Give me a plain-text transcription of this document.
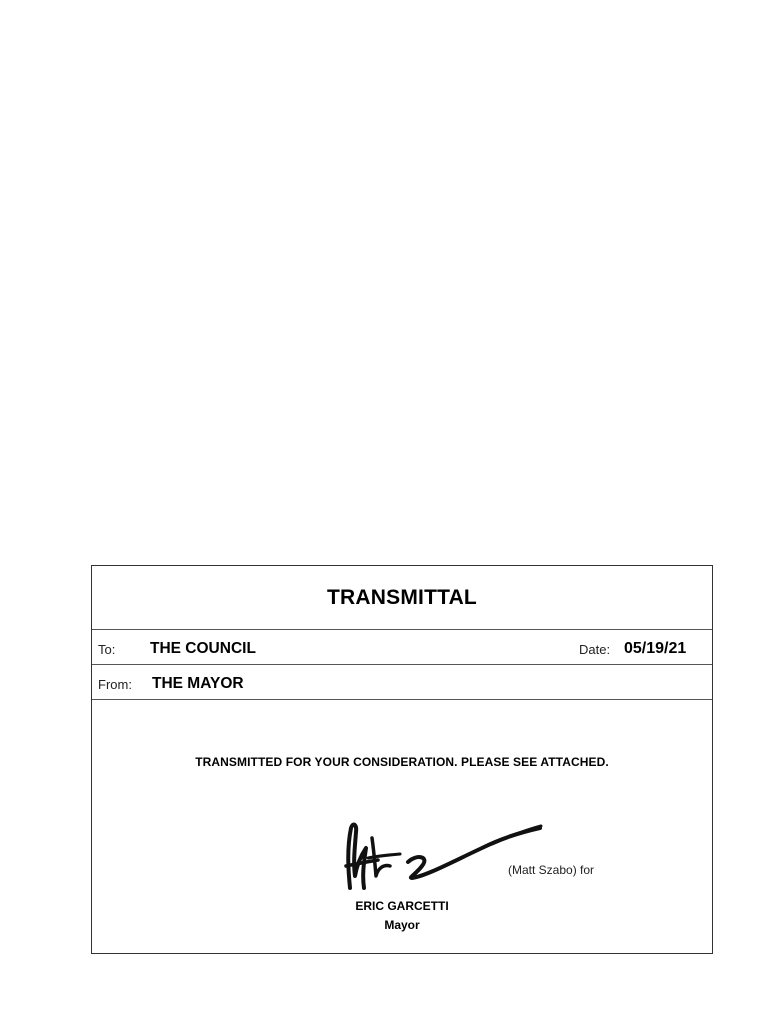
TRANSMITTAL
To: THE COUNCIL	Date: 05/19/21
From: THE MAYOR
TRANSMITTED FOR YOUR CONSIDERATION. PLEASE SEE ATTACHED.
(Matt Szabo) for
ERIC GARCETTI
Mayor
